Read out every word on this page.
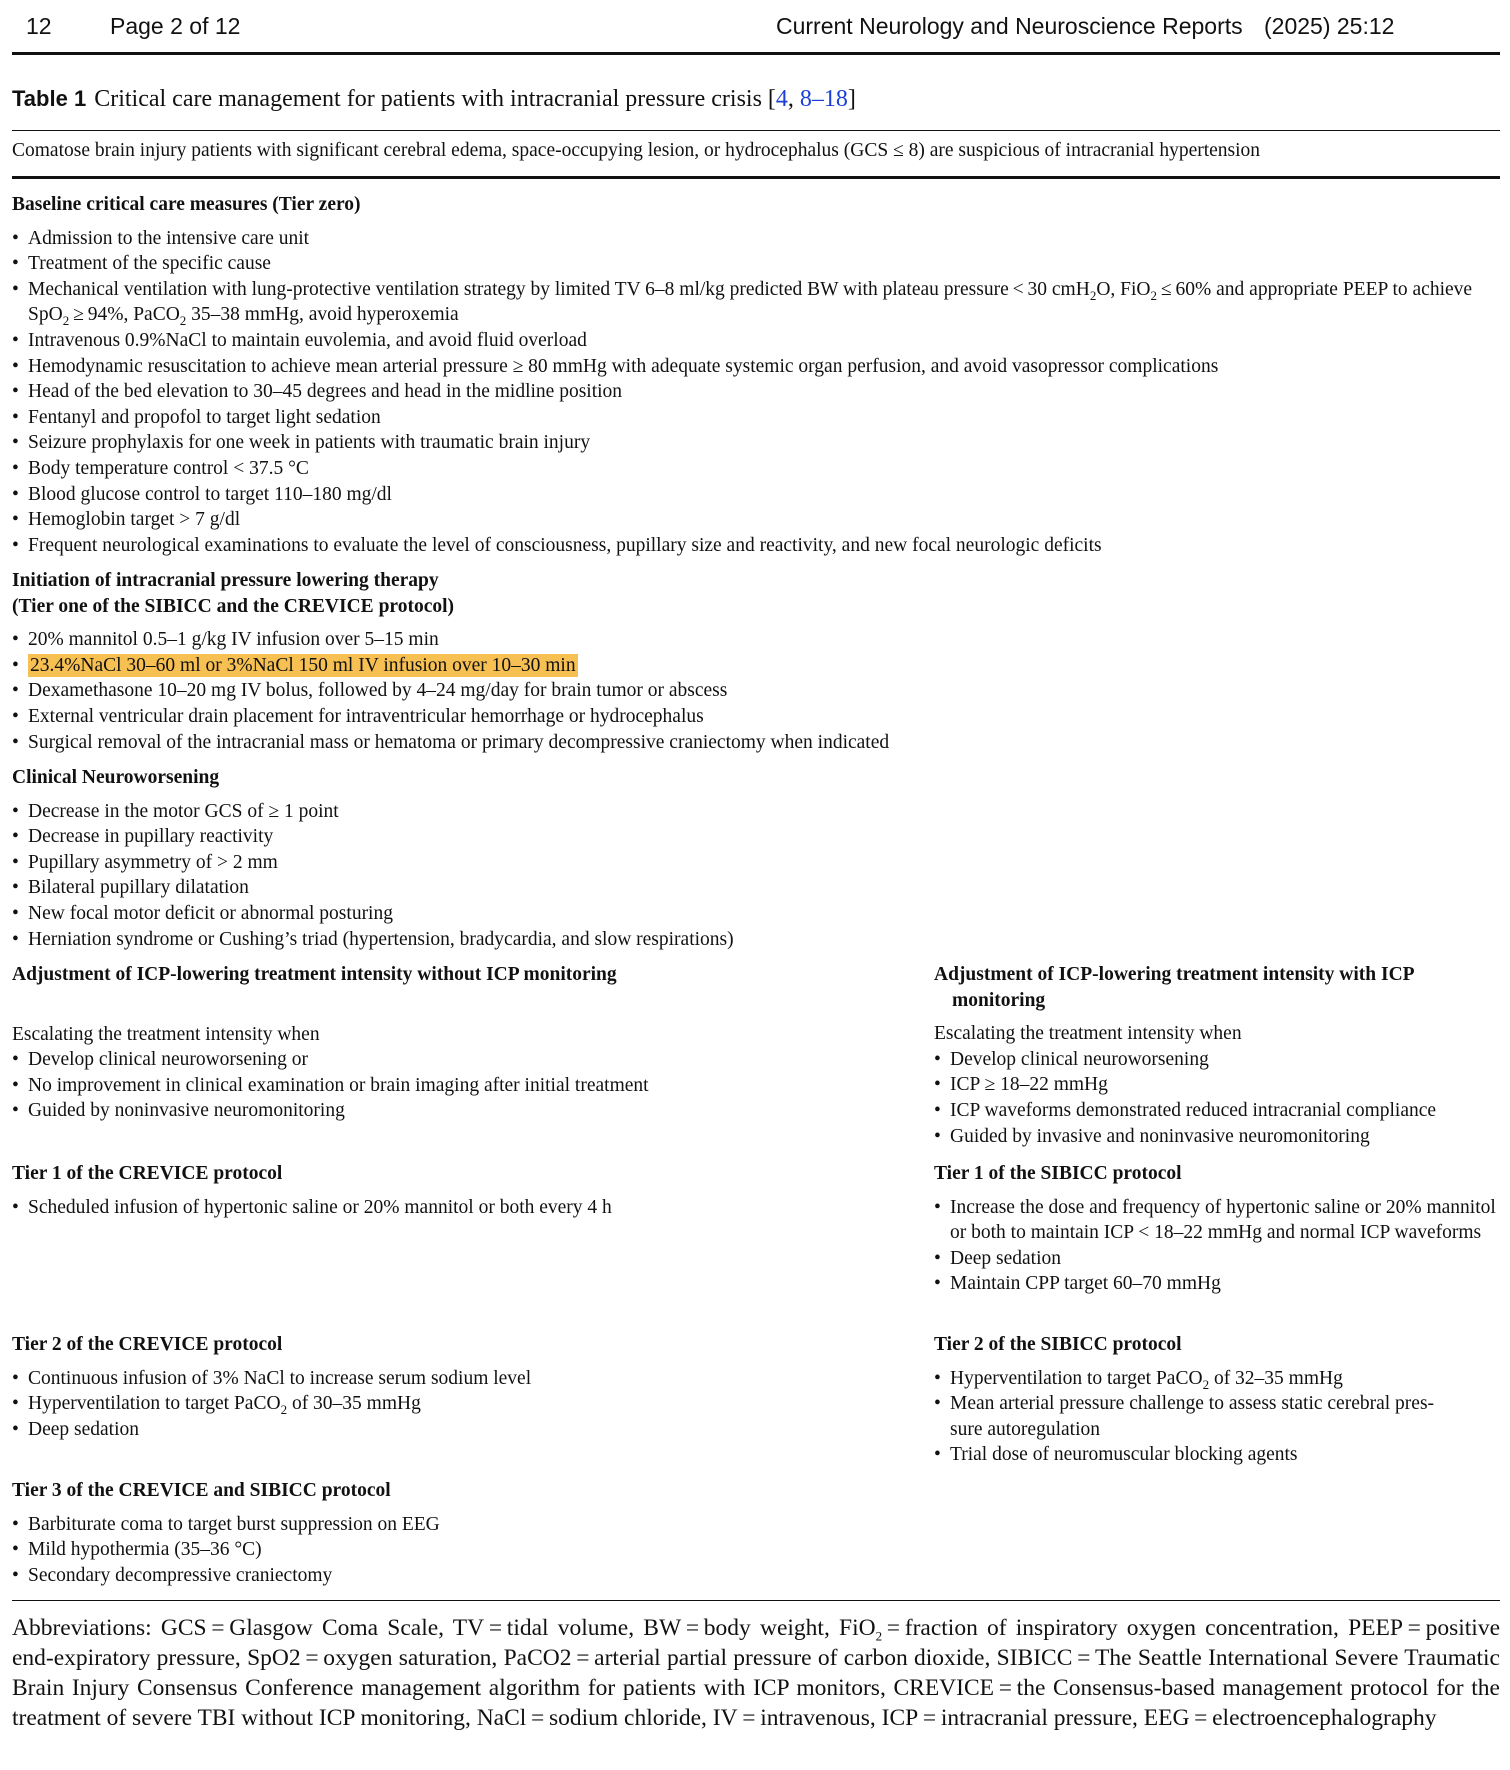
12	Page 2 of 12	Current Neurology and Neuroscience Reports (2025) 25:12
Table 1 Critical care management for patients with intracranial pressure crisis [4, 8–18]
Comatose brain injury patients with significant cerebral edema, space-occupying lesion, or hydrocephalus (GCS ≤ 8) are suspicious of intracranial hypertension
Baseline critical care measures (Tier zero)
• Admission to the intensive care unit
• Treatment of the specific cause
• Mechanical ventilation with lung-protective ventilation strategy by limited TV 6–8 ml/kg predicted BW with plateau pressure < 30 cmH$_2$O, FiO$_2$ ≤ 60% and appropriate PEEP to achieve SpO$_2$ ≥ 94%, PaCO$_2$ 35–38 mmHg, avoid hyperoxemia
• Intravenous 0.9%NaCl to maintain euvolemia, and avoid fluid overload
• Hemodynamic resuscitation to achieve mean arterial pressure ≥ 80 mmHg with adequate systemic organ perfusion, and avoid vasopressor complications
• Head of the bed elevation to 30–45 degrees and head in the midline position
• Fentanyl and propofol to target light sedation
• Seizure prophylaxis for one week in patients with traumatic brain injury
• Body temperature control < 37.5 °C
• Blood glucose control to target 110–180 mg/dl
• Hemoglobin target > 7 g/dl
• Frequent neurological examinations to evaluate the level of consciousness, pupillary size and reactivity, and new focal neurologic deficits
Initiation of intracranial pressure lowering therapy
(Tier one of the SIBICC and the CREVICE protocol)
• 20% mannitol 0.5–1 g/kg IV infusion over 5–15 min
• 23.4%NaCl 30–60 ml or 3%NaCl 150 ml IV infusion over 10–30 min
• Dexamethasone 10–20 mg IV bolus, followed by 4–24 mg/day for brain tumor or abscess
• External ventricular drain placement for intraventricular hemorrhage or hydrocephalus
• Surgical removal of the intracranial mass or hematoma or primary decompressive craniectomy when indicated
Clinical Neuroworsening
• Decrease in the motor GCS of ≥ 1 point
• Decrease in pupillary reactivity
• Pupillary asymmetry of > 2 mm
• Bilateral pupillary dilatation
• New focal motor deficit or abnormal posturing
• Herniation syndrome or Cushing’s triad (hypertension, bradycardia, and slow respirations)
Adjustment of ICP-lowering treatment intensity without ICP monitoring
Escalating the treatment intensity when
• Develop clinical neuroworsening or
• No improvement in clinical examination or brain imaging after initial treatment
• Guided by noninvasive neuromonitoring
Adjustment of ICP-lowering treatment intensity with ICP monitoring
Escalating the treatment intensity when
• Develop clinical neuroworsening
• ICP ≥ 18–22 mmHg
• ICP waveforms demonstrated reduced intracranial compliance
• Guided by invasive and noninvasive neuromonitoring
Tier 1 of the CREVICE protocol
• Scheduled infusion of hypertonic saline or 20% mannitol or both every 4 h
Tier 1 of the SIBICC protocol
• Increase the dose and frequency of hypertonic saline or 20% mannitol or both to maintain ICP < 18–22 mmHg and normal ICP waveforms
• Deep sedation
• Maintain CPP target 60–70 mmHg
Tier 2 of the CREVICE protocol
• Continuous infusion of 3% NaCl to increase serum sodium level
• Hyperventilation to target PaCO$_2$ of 30–35 mmHg
• Deep sedation
Tier 2 of the SIBICC protocol
• Hyperventilation to target PaCO$_2$ of 32–35 mmHg
• Mean arterial pressure challenge to assess static cerebral pres-
sure autoregulation
• Trial dose of neuromuscular blocking agents
Tier 3 of the CREVICE and SIBICC protocol
• Barbiturate coma to target burst suppression on EEG
• Mild hypothermia (35–36 °C)
• Secondary decompressive craniectomy
Abbreviations: GCS = Glasgow Coma Scale, TV = tidal volume, BW = body weight, FiO$_2$ = fraction of inspiratory oxygen concentration, PEEP = positive end-expiratory pressure, SpO2 = oxygen saturation, PaCO2 = arterial partial pressure of carbon dioxide, SIBICC = The Seattle International Severe Traumatic Brain Injury Consensus Conference management algorithm for patients with ICP monitors, CREVICE = the Consensus-based management protocol for the treatment of severe TBI without ICP monitoring, NaCl = sodium chloride, IV = intravenous, ICP = intracranial pressure, EEG = electroencephalography
